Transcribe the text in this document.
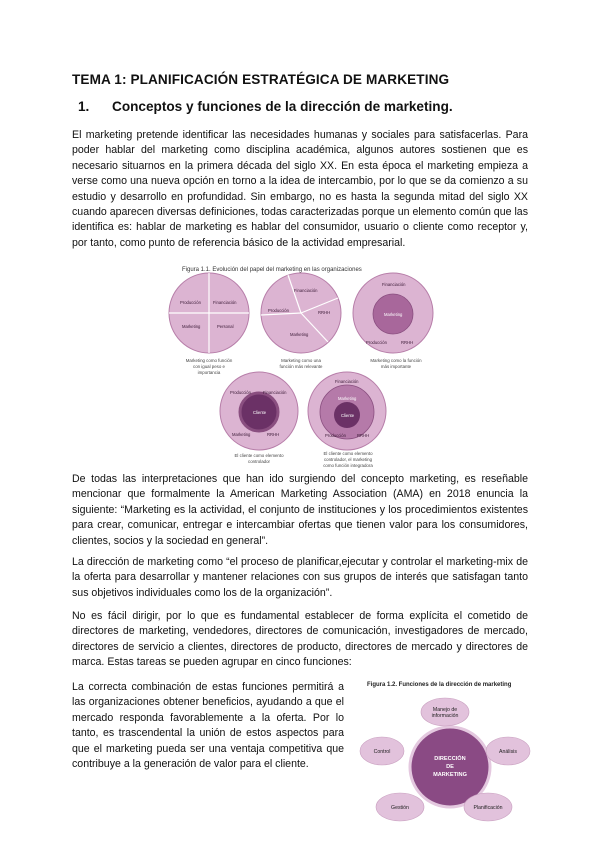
TEMA 1: PLANIFICACIÓN ESTRATÉGICA DE MARKETING
1. Conceptos y funciones de la dirección de marketing.

El marketing pretende identificar las necesidades humanas y sociales para satisfacerlas. Para poder hablar del marketing como disciplina académica, algunos autores sostienen que es necesario situarnos en la primera década del siglo XX. En esta época el marketing empieza a verse como una nueva opción en torno a la idea de intercambio, por lo que se da comienzo a su estudio y desarrollo en profundidad. Sin embargo, no es hasta la segunda mitad del siglo XX cuando aparecen diversas definiciones, todas caracterizadas porque un elemento común que las identifica es: hablar de marketing es hablar del consumidor, usuario o cliente como receptor y, por tanto, como punto de referencia básico de la actividad empresarial.

Figura 1.1. Evolución del papel del marketing en las organizaciones
Producción	Financiación
Marketing	Personal
Marketing como función
con igual peso e
importancia
Financiación
Producción	RRHH
Marketing
Marketing como una
función más relevante
Financiación
Marketing
Producción	RRHH
Marketing como la función
más importante
Producción	Financiación
Cliente
Marketing	RRHH
El cliente como elemento
controlador
Financiación
Marketing
Cliente
Producción	RRHH
El cliente como elemento
controlador, el marketing
como función integradora

De todas las interpretaciones que han ido surgiendo del concepto marketing, es reseñable mencionar que formalmente la American Marketing Association (AMA) en 2018 enuncia la siguiente: “Marketing es la actividad, el conjunto de instituciones y los procedimientos existentes para crear, comunicar, entregar e intercambiar ofertas que tienen valor para los consumidores, clientes, socios y la sociedad en general”.

La dirección de marketing como “el proceso de planificar,ejecutar y controlar el marketing-mix de la oferta para desarrollar y mantener relaciones con sus grupos de interés que satisfagan tanto sus objetivos individuales como los de la organización”.

No es fácil dirigir, por lo que es fundamental establecer de forma explícita el cometido de directores de marketing, vendedores, directores de comunicación, investigadores de mercado, directores de servicio a clientes, directores de producto, directores de mercado y directores de marca. Estas tareas se pueden agrupar en cinco funciones:

La correcta combinación de estas funciones permitirá a las organizaciones obtener beneficios, ayudando a que el mercado responda favorablemente a la oferta. Por lo tanto, es trascendental la unión de estos aspectos para que el marketing pueda ser una ventaja competitiva que contribuye a la generación de valor para el cliente.

Figura 1.2. Funciones de la dirección de marketing
DIRECCIÓN
DE
MARKETING
Manejo de
información
Análisis
Planificación
Gestión
Control
